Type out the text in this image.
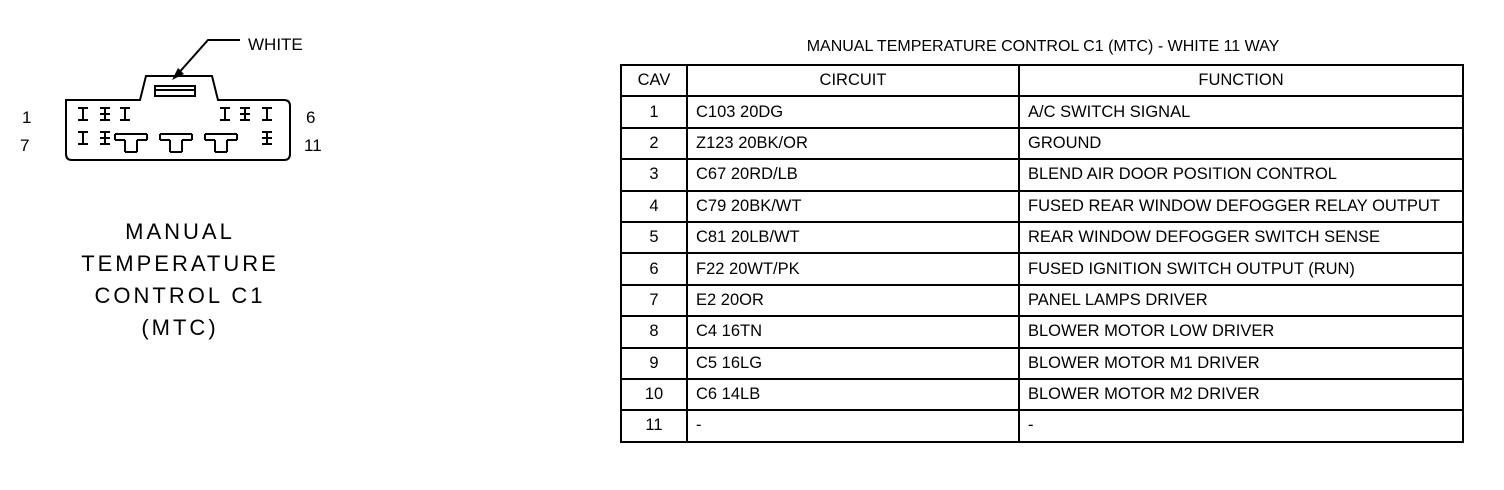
WHITE
1	6
7	11
MANUAL
TEMPERATURE
CONTROL C1
(MTC)
MANUAL TEMPERATURE CONTROL C1 (MTC) - WHITE 11 WAY
CAV	CIRCUIT	FUNCTION
1	C103 20DG	A/C SWITCH SIGNAL
2	Z123 20BK/OR	GROUND
3	C67 20RD/LB	BLEND AIR DOOR POSITION CONTROL
4	C79 20BK/WT	FUSED REAR WINDOW DEFOGGER RELAY OUTPUT
5	C81 20LB/WT	REAR WINDOW DEFOGGER SWITCH SENSE
6	F22 20WT/PK	FUSED IGNITION SWITCH OUTPUT (RUN)
7	E2 20OR	PANEL LAMPS DRIVER
8	C4 16TN	BLOWER MOTOR LOW DRIVER
9	C5 16LG	BLOWER MOTOR M1 DRIVER
10	C6 14LB	BLOWER MOTOR M2 DRIVER
11	-	-
